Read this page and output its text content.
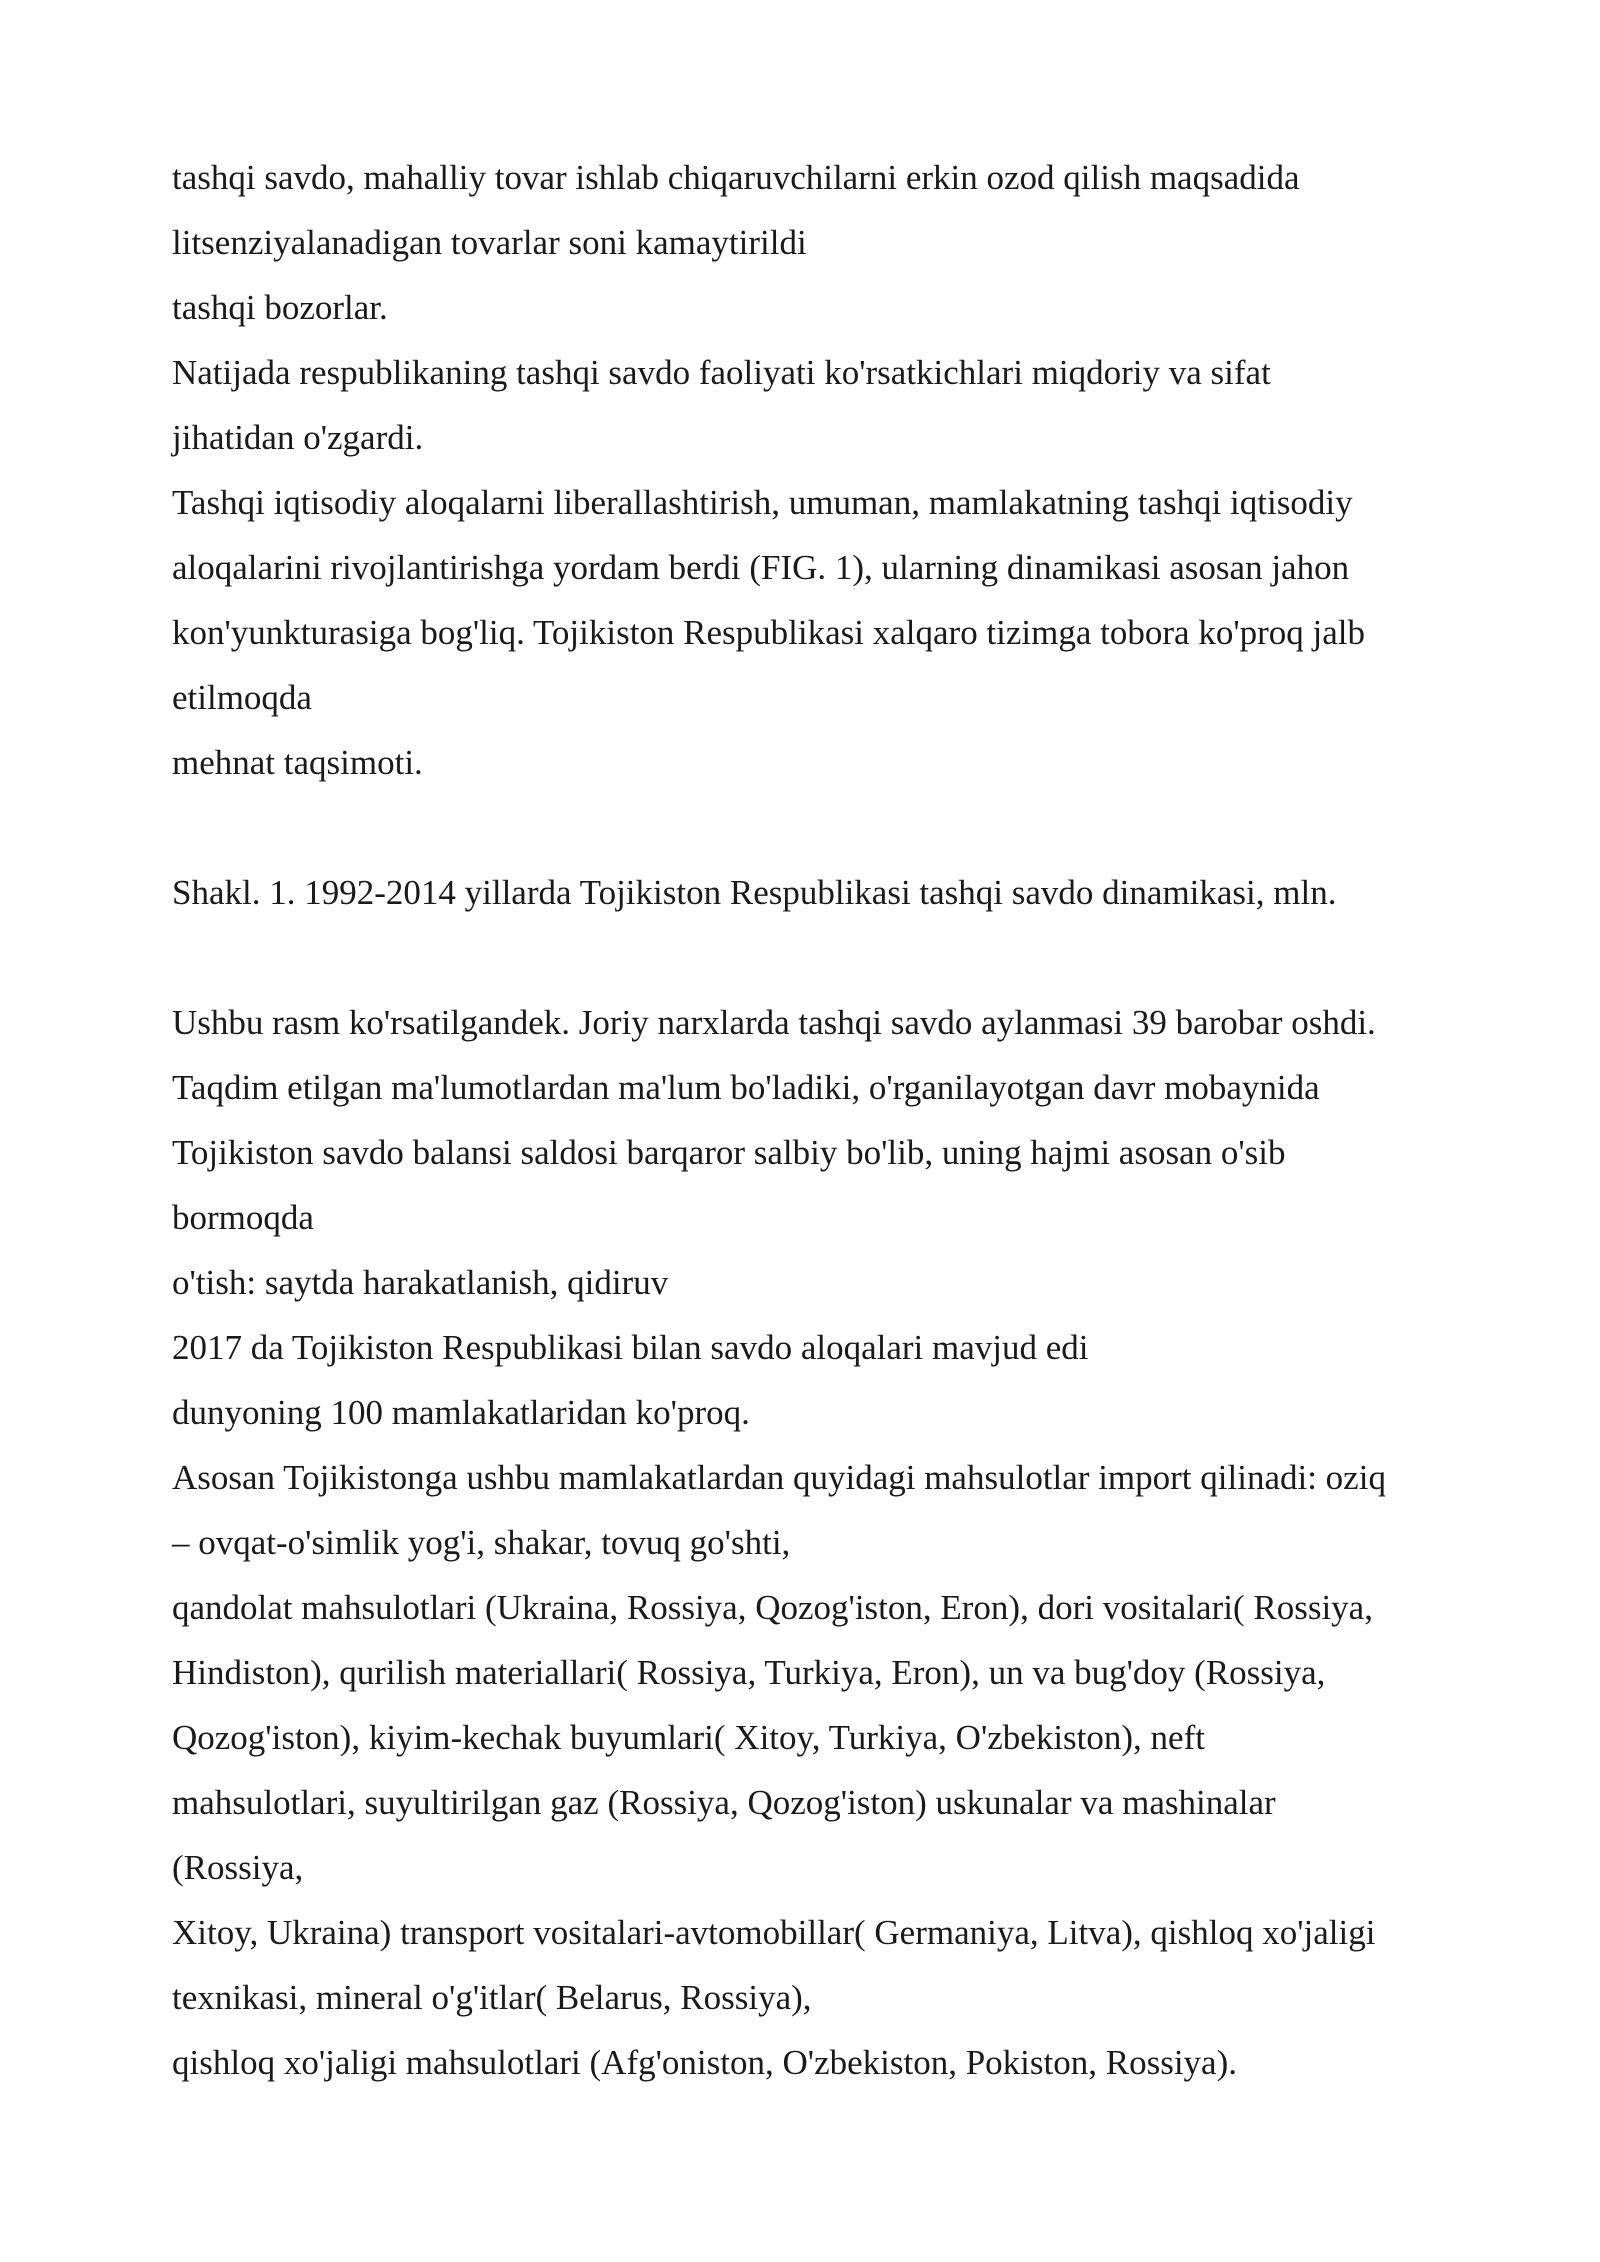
tashqi savdo, mahalliy tovar ishlab chiqaruvchilarni erkin ozod qilish maqsadida
litsenziyalanadigan tovarlar soni kamaytirildi
tashqi bozorlar.
Natijada respublikaning tashqi savdo faoliyati ko'rsatkichlari miqdoriy va sifat
jihatidan o'zgardi.
Tashqi iqtisodiy aloqalarni liberallashtirish, umuman, mamlakatning tashqi iqtisodiy
aloqalarini rivojlantirishga yordam berdi (FIG. 1), ularning dinamikasi asosan jahon
kon'yunkturasiga bog'liq. Tojikiston Respublikasi xalqaro tizimga tobora ko'proq jalb
etilmoqda
mehnat taqsimoti.
Shakl. 1. 1992-2014 yillarda Tojikiston Respublikasi tashqi savdo dinamikasi, mln.
Ushbu rasm ko'rsatilgandek. Joriy narxlarda tashqi savdo aylanmasi 39 barobar oshdi.
Taqdim etilgan ma'lumotlardan ma'lum bo'ladiki, o'rganilayotgan davr mobaynida
Tojikiston savdo balansi saldosi barqaror salbiy bo'lib, uning hajmi asosan o'sib
bormoqda
o'tish: saytda harakatlanish, qidiruv
2017 da Tojikiston Respublikasi bilan savdo aloqalari mavjud edi
dunyoning 100 mamlakatlaridan ko'proq.
Asosan Tojikistonga ushbu mamlakatlardan quyidagi mahsulotlar import qilinadi: oziq
– ovqat-o'simlik yog'i, shakar, tovuq go'shti,
qandolat mahsulotlari (Ukraina, Rossiya, Qozog'iston, Eron), dori vositalari( Rossiya,
Hindiston), qurilish materiallari( Rossiya, Turkiya, Eron), un va bug'doy (Rossiya,
Qozog'iston), kiyim-kechak buyumlari( Xitoy, Turkiya, O'zbekiston), neft
mahsulotlari, suyultirilgan gaz (Rossiya, Qozog'iston) uskunalar va mashinalar
(Rossiya,
Xitoy, Ukraina) transport vositalari-avtomobillar( Germaniya, Litva), qishloq xo'jaligi
texnikasi, mineral o'g'itlar( Belarus, Rossiya),
qishloq xo'jaligi mahsulotlari (Afg'oniston, O'zbekiston, Pokiston, Rossiya).
